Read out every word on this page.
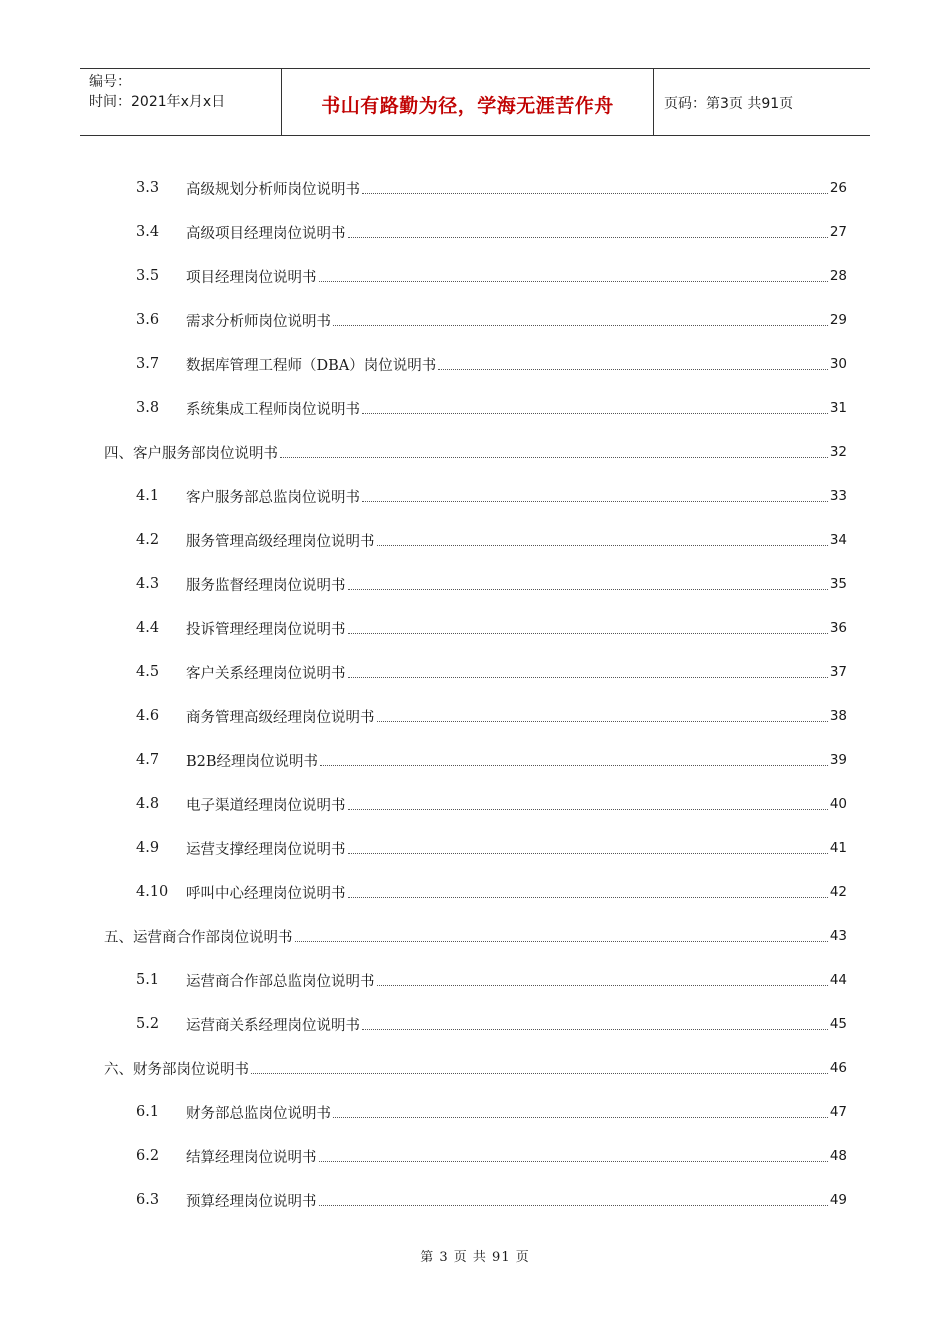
编号：
时间：2021年x月x日	书山有路勤为径，学海无涯苦作舟	页码：第3页 共91页
3.3	高级规划分析师岗位说明书	26
3.4	高级项目经理岗位说明书	27
3.5	项目经理岗位说明书	28
3.6	需求分析师岗位说明书	29
3.7	数据库管理工程师（DBA）岗位说明书	30
3.8	系统集成工程师岗位说明书	31
四、客户服务部岗位说明书	32
4.1	客户服务部总监岗位说明书	33
4.2	服务管理高级经理岗位说明书	34
4.3	服务监督经理岗位说明书	35
4.4	投诉管理经理岗位说明书	36
4.5	客户关系经理岗位说明书	37
4.6	商务管理高级经理岗位说明书	38
4.7	B2B经理岗位说明书	39
4.8	电子渠道经理岗位说明书	40
4.9	运营支撑经理岗位说明书	41
4.10	呼叫中心经理岗位说明书	42
五、运营商合作部岗位说明书	43
5.1	运营商合作部总监岗位说明书	44
5.2	运营商关系经理岗位说明书	45
六、财务部岗位说明书	46
6.1	财务部总监岗位说明书	47
6.2	结算经理岗位说明书	48
6.3	预算经理岗位说明书	49
第 3 页 共 91 页
